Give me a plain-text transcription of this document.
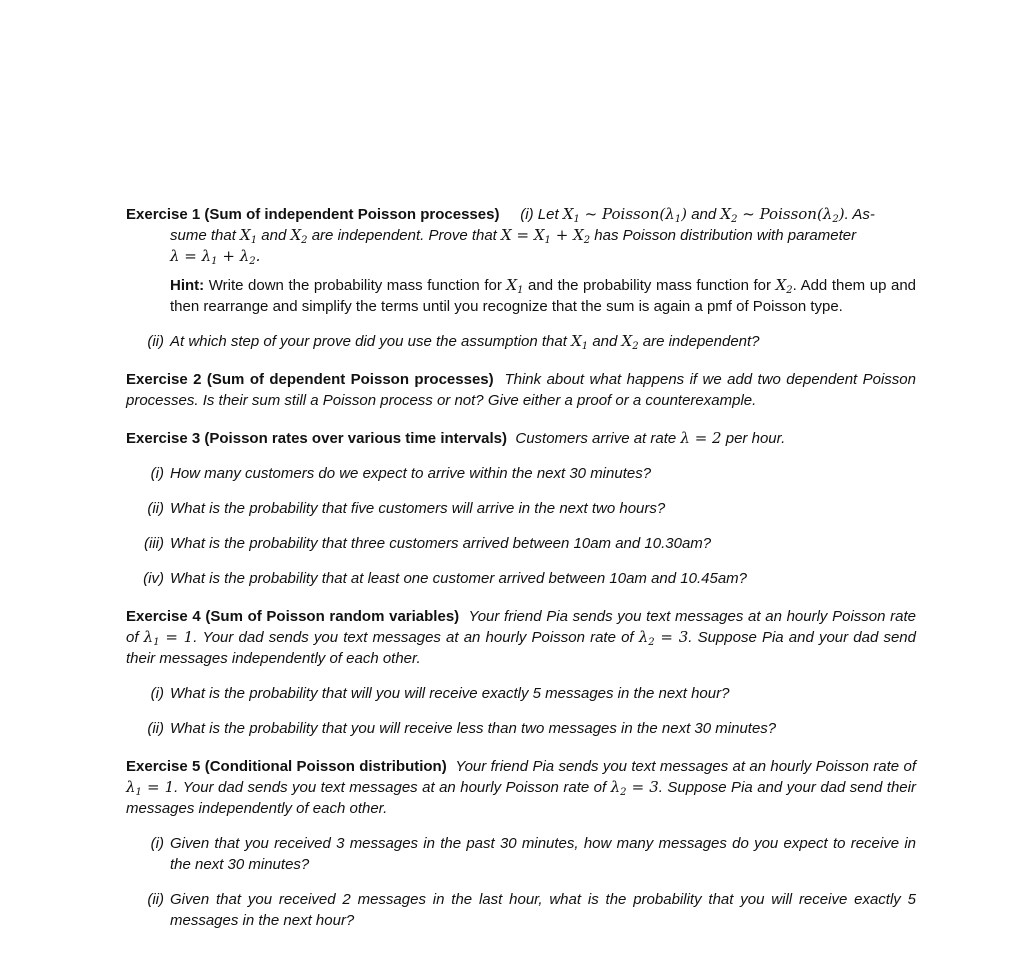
Exercise 1 (Sum of independent Poisson processes) (i) Let $X_1$ ~ $Poisson(\lambda_1)$ and $X_2$ ~ $Poisson(\lambda_2)$. As-

sume that $X_1$ and $X_2$ are independent. Prove that $X = X_1 + X_2$ has Poisson distribution with parameter
$\lambda = \lambda_1 + \lambda_2$.

Hint: Write down the probability mass function for $X_1$ and the probability mass function for $X_2$. Add them up and then rearrange and simplify the terms until you recognize that the sum is again a pmf of Poisson type.
(ii) At which step of your prove did you use the assumption that $X_1$ and $X_2$ are independent?

Exercise 2 (Sum of dependent Poisson processes) Think about what happens if we add two dependent Poisson processes. Is their sum still a Poisson process or not? Give either a proof or a counterexample.

Exercise 3 (Poisson rates over various time intervals) Customers arrive at rate λ = 2 per hour.

(i) How many customers do we expect to arrive within the next 30 minutes?
(ii) What is the probability that five customers will arrive in the next two hours?
(iii) What is the probability that three customers arrived between 10am and 10.30am?
(iv) What is the probability that at least one customer arrived between 10am and 10.45am?

Exercise 4 (Sum of Poisson random variables) Your friend Pia sends you text messages at an hourly Poisson rate of $\lambda_1 = 1$. Your dad sends you text messages at an hourly Poisson rate of $\lambda_2 = 3$. Suppose Pia and your dad send their messages independently of each other.

(i) What is the probability that will you will receive exactly 5 messages in the next hour?
(ii) What is the probability that you will receive less than two messages in the next 30 minutes?

Exercise 5 (Conditional Poisson distribution) Your friend Pia sends you text messages at an hourly Poisson rate of $\lambda_1 = 1$. Your dad sends you text messages at an hourly Poisson rate of $\lambda_2 = 3$. Suppose Pia and your dad send their messages independently of each other.

(i) Given that you received 3 messages in the past 30 minutes, how many messages do you expect to receive in the next 30 minutes?
(ii) Given that you received 2 messages in the last hour, what is the probability that you will receive exactly 5 messages in the next hour?
